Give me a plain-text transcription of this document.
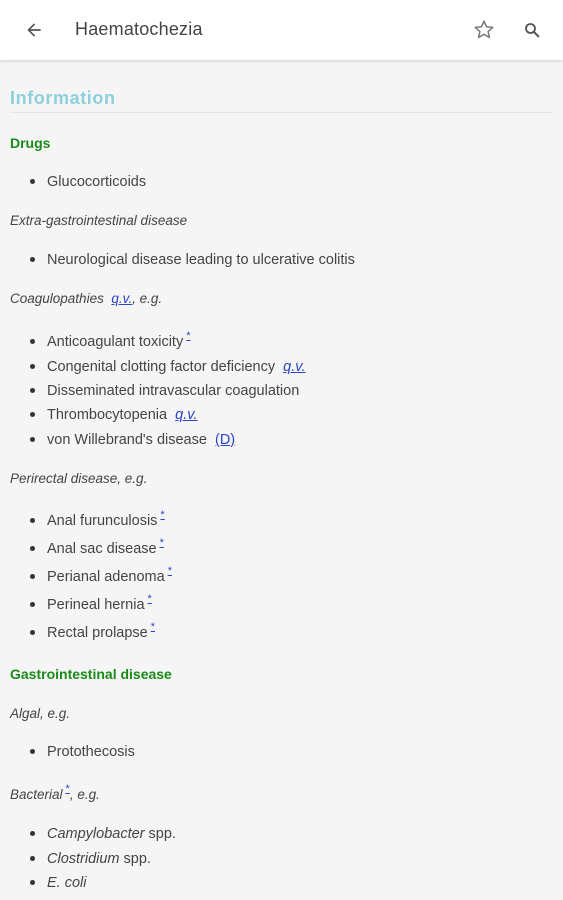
Haematochezia
Information
Drugs
Glucocorticoids
Extra-gastrointestinal disease
Neurological disease leading to ulcerative colitis
Coagulopathies q.v., e.g.
Anticoagulant toxicity *
Congenital clotting factor deficiency q.v.
Disseminated intravascular coagulation
Thrombocytopenia q.v.
von Willebrand's disease (D)
Perirectal disease, e.g.
Anal furunculosis *
Anal sac disease *
Perianal adenoma *
Perineal hernia *
Rectal prolapse *
Gastrointestinal disease
Algal, e.g.
Protothecosis
Bacterial *, e.g.
Campylobacter spp.
Clostridium spp.
E. coli
